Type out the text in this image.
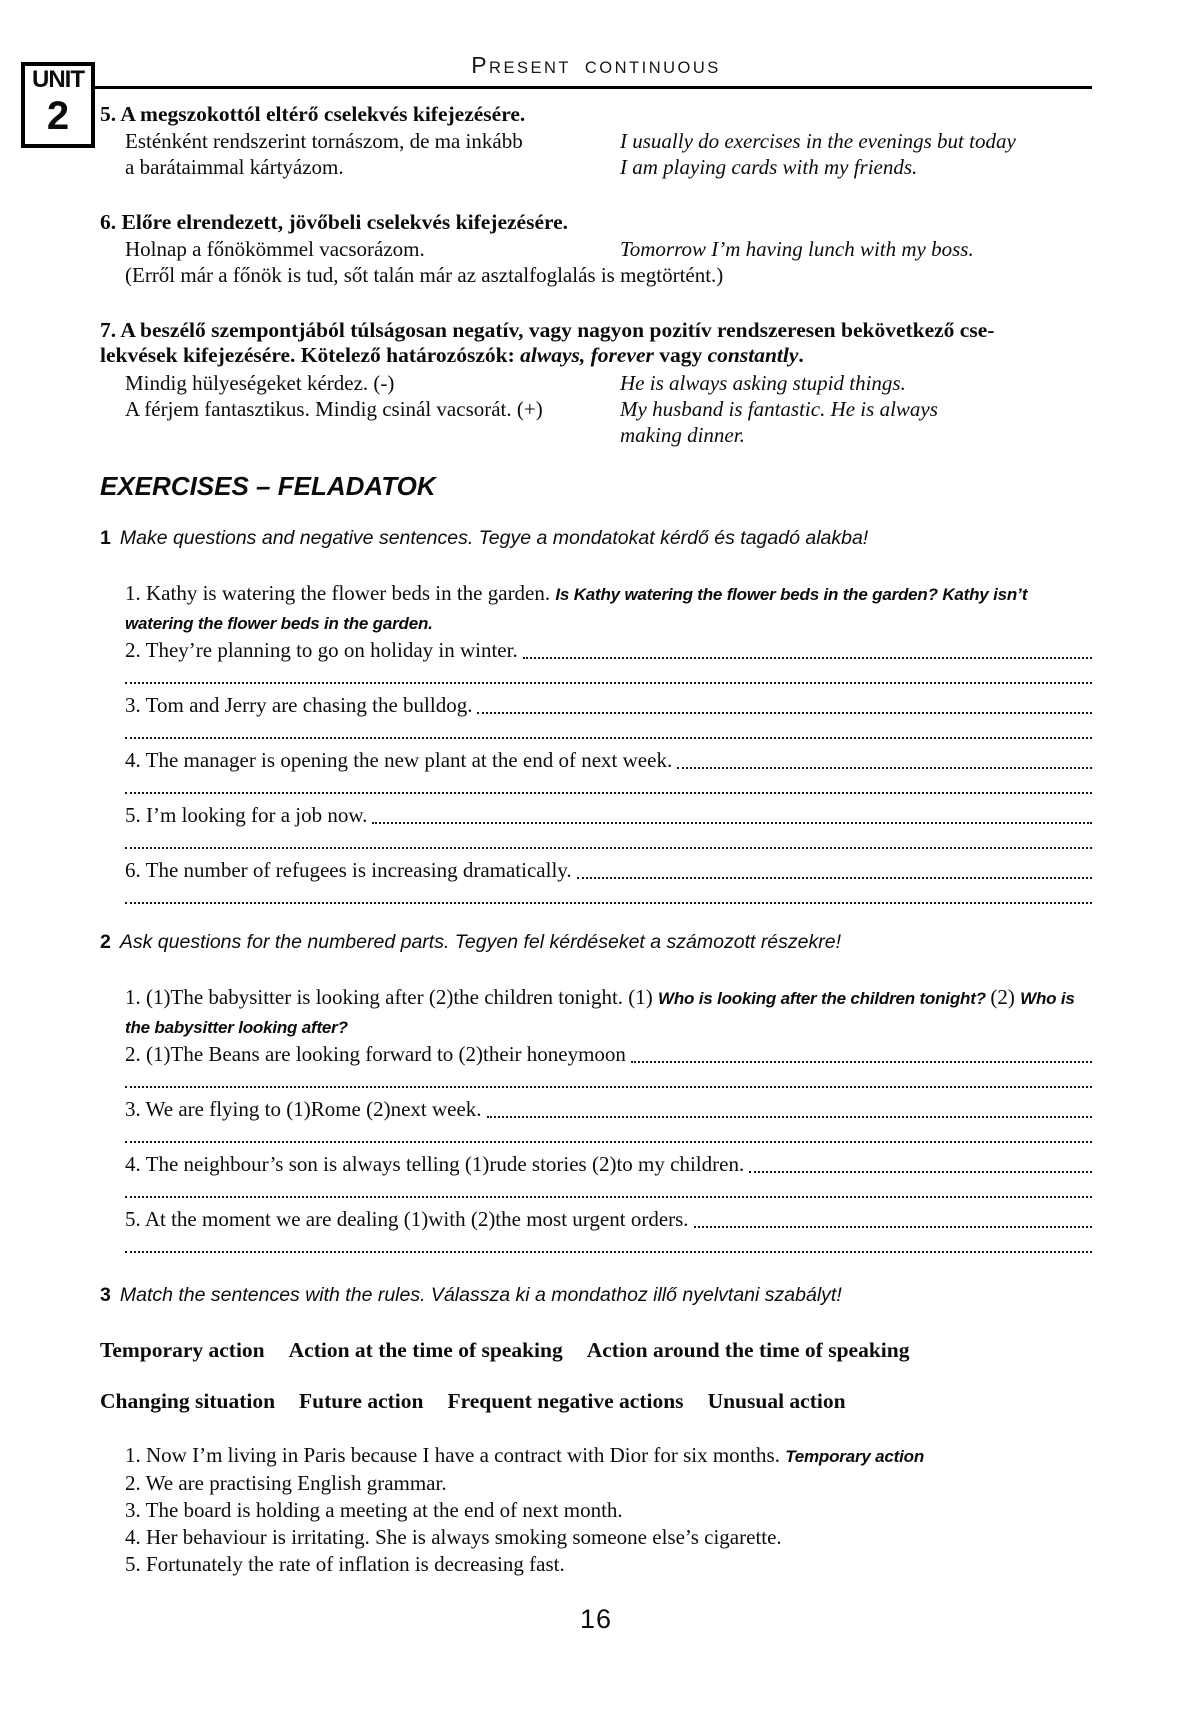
UNIT
2
PRESENT CONTINUOUS
5. A megszokottól eltérő cselekvés kifejezésére.
Esténként rendszerint tornászom, de ma inkább
a barátaimmal kártyázom.
I usually do exercises in the evenings but today
I am playing cards with my friends.
6. Előre elrendezett, jövőbeli cselekvés kifejezésére.
Holnap a főnökömmel vacsorázom.	Tomorrow I’m having lunch with my boss.
(Erről már a főnök is tud, sőt talán már az asztalfoglalás is megtörtént.)

7. A beszélő szempontjából túlságosan negatív, vagy nagyon pozitív rendszeresen bekövetkező cse-
lekvések kifejezésére. Kötelező határozószók: always, forever vagy constantly.

Mindig hülyeségeket kérdez. (-)
A férjem fantasztikus. Mindig csinál vacsorát. (+)
He is always asking stupid things.
My husband is fantastic. He is always
making dinner.
EXERCISES – FELADATOK
1 Make questions and negative sentences. Tegye a mondatokat kérdő és tagadó alakba!

1. Kathy is watering the flower beds in the garden. Is Kathy watering the flower beds in the garden? Kathy isn’t watering the flower beds in the garden.

2. They’re planning to go on holiday in winter.
3. Tom and Jerry are chasing the bulldog.
4. The manager is opening the new plant at the end of next week.
5. I’m looking for a job now.
6. The number of refugees is increasing dramatically.
2 Ask questions for the numbered parts. Tegyen fel kérdéseket a számozott részekre!

1. (1)The babysitter is looking after (2)the children tonight. (1) Who is looking after the children tonight? (2) Who is the babysitter looking after?

2. (1)The Beans are looking forward to (2)their honeymoon
3. We are flying to (1)Rome (2)next week.
4. The neighbour’s son is always telling (1)rude stories (2)to my children.
5. At the moment we are dealing (1)with (2)the most urgent orders.
3 Match the sentences with the rules. Válassza ki a mondathoz illő nyelvtani szabályt!
Temporary action Action at the time of speaking Action around the time of speaking
Changing situation Future action Frequent negative actions Unusual action

1. Now I’m living in Paris because I have a contract with Dior for six months. Temporary action

2. We are practising English grammar.

3. The board is holding a meeting at the end of next month.

4. Her behaviour is irritating. She is always smoking someone else’s cigarette.

5. Fortunately the rate of inflation is decreasing fast.

16
